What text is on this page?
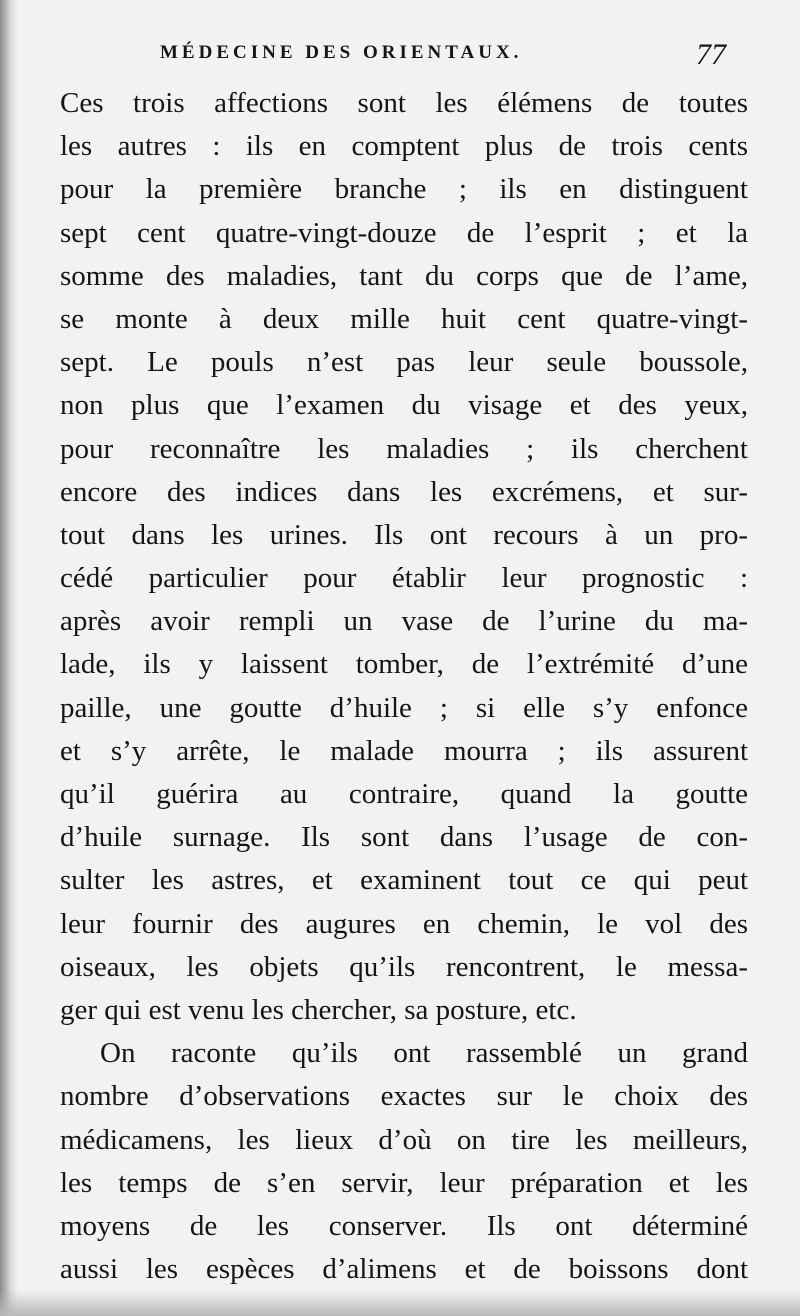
MÉDECINE DES ORIENTAUX.	77
Ces trois affections sont les élémens de toutes
les autres : ils en comptent plus de trois cents
pour la première branche ; ils en distinguent
sept cent quatre-vingt-douze de l’esprit ; et la
somme des maladies, tant du corps que de l’ame,
se monte à deux mille huit cent quatre-vingt-
sept. Le pouls n’est pas leur seule boussole,
non plus que l’examen du visage et des yeux,
pour reconnaître les maladies ; ils cherchent
encore des indices dans les excrémens, et sur-
tout dans les urines. Ils ont recours à un pro-
cédé particulier pour établir leur prognostic :
après avoir rempli un vase de l’urine du ma-
lade, ils y laissent tomber, de l’extrémité d’une
paille, une goutte d’huile ; si elle s’y enfonce
et s’y arrête, le malade mourra ; ils assurent
qu’il guérira au contraire, quand la goutte
d’huile surnage. Ils sont dans l’usage de con-
sulter les astres, et examinent tout ce qui peut
leur fournir des augures en chemin, le vol des
oiseaux, les objets qu’ils rencontrent, le messa-
ger qui est venu les chercher, sa posture, etc.
On raconte qu’ils ont rassemblé un grand
nombre d’observations exactes sur le choix des
médicamens, les lieux d’où on tire les meilleurs,
les temps de s’en servir, leur préparation et les
moyens de les conserver. Ils ont déterminé
aussi les espèces d’alimens et de boissons dont
